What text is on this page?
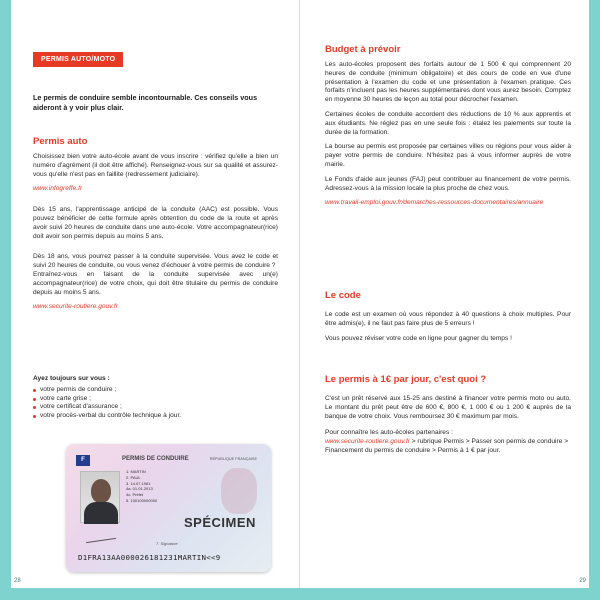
PERMIS AUTO/MOTO
Le permis de conduire semble incontournable. Ces conseils vous aideront à y voir plus clair.
Permis auto

Choisissez bien votre auto-école avant de vous inscrire : vérifiez qu'elle a bien un numéro d'agrément (il doit être affiché). Renseignez-vous sur sa qualité et assurez-vous qu'elle n'est pas en faillite (redressement judiciaire).

www.infogreffe.fr

Dès 15 ans, l'apprentissage anticipé de la conduite (AAC) est possible. Vous pouvez bénéficier de cette formule après obtention du code de la route et après avoir suivi 20 heures de conduite dans une auto-école. Votre accompagnateur(rice) doit avoir son permis depuis au moins 5 ans.

Dès 18 ans, vous pourrez passer à la conduite supervisée. Vous avez le code et suivi 20 heures de conduite, ou vous venez d'échouer à votre permis de conduire ?

Entraînez-vous en faisant de la conduite supervisée avec un(e) accompagnateur(rice) de votre choix, qui doit être titulaire du permis de conduire depuis au moins 5 ans.

www.securite-routiere.gouv.fr

Ayez toujours sur vous :

votre permis de conduire ;
votre carte grise ;
votre certificat d'assurance ;
votre procès-verbal du contrôle technique à jour.
F	PERMIS DE CONDUIRE	RÉPUBLIQUE FRANÇAISE
1. MARTIN
2. PAUL
3. 14.07.1981
4a. 01.01.2013
4c. Préfet
5. 130100000000
SPÉCIMEN
7. Signature
D1FRA13AA000026181231MARTIN<<9
28
Budget à prévoir

Les auto-écoles proposent des forfaits autour de 1 500 € qui comprennent 20 heures de conduite (minimum obligatoire) et des cours de code en vue d'une présentation à l'examen du code et une présentation à l'examen pratique. Ces forfaits n'incluent pas les heures supplémentaires dont vous aurez besoin. Comptez en moyenne 30 heures de leçon au total pour décrocher l'examen.

Certaines écoles de conduite accordent des réductions de 10 % aux apprentis et aux étudiants. Ne réglez pas en une seule fois : étalez les paiements sur toute la durée de la formation.

La bourse au permis est proposée par certaines villes ou régions pour vous aider à payer votre permis de conduire. N'hésitez pas à vous informer auprès de votre mairie.

Le Fonds d'aide aux jeunes (FAJ) peut contribuer au financement de votre permis. Adressez-vous à la mission locale la plus proche de chez vous.

www.travail-emploi.gouv.fr/demarches-ressources-documentaires/annuaire
Le code

Le code est un examen où vous répondez à 40 questions à choix multiples. Pour être admis(e), il ne faut pas faire plus de 5 erreurs !

Vous pouvez réviser votre code en ligne pour gagner du temps !

Le permis à 1€ par jour, c'est quoi ?

C'est un prêt réservé aux 15-25 ans destiné à financer votre permis moto ou auto. Le montant du prêt peut être de 600 €, 800 €, 1 000 € ou 1 200 € auprès de la banque de votre choix. Vous remboursez 30 € maximum par mois.

Pour connaître les auto-écoles partenaires :

www.securite-routiere.gouv.fr > rubrique Permis > Passer son permis de conduire > Financement du permis de conduire > Permis à 1 € par jour.

29
